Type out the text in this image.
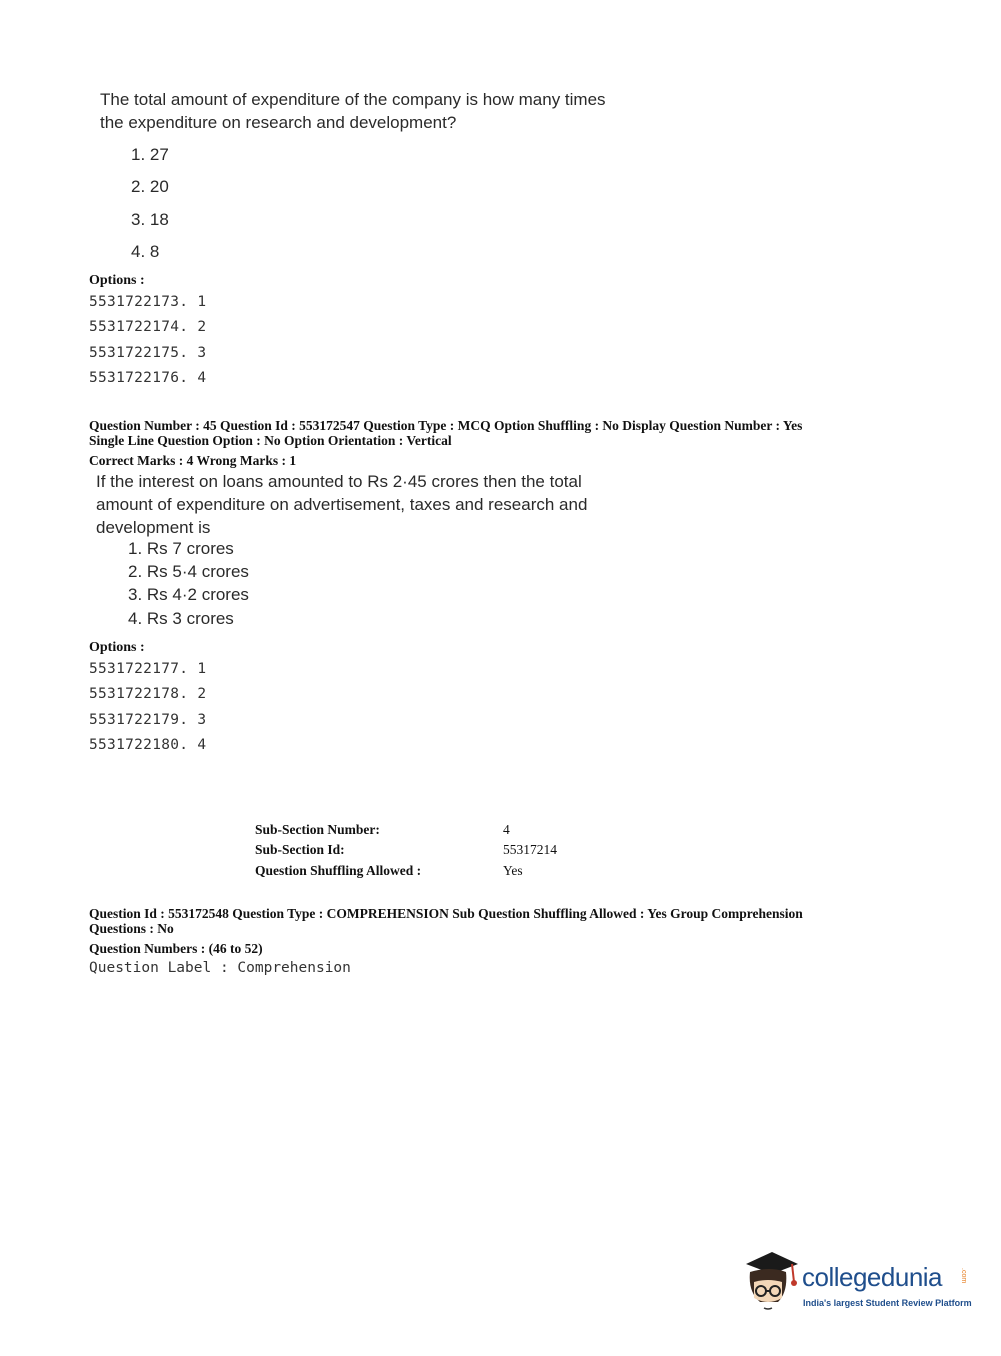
The total amount of expenditure of the company is how many times the expenditure on research and development?
1. 27
2. 20
3. 18
4. 8
Options :
5531722173. 1
5531722174. 2
5531722175. 3
5531722176. 4
Question Number : 45 Question Id : 553172547 Question Type : MCQ Option Shuffling : No Display Question Number : Yes
Single Line Question Option : No Option Orientation : Vertical
Correct Marks : 4 Wrong Marks : 1
If the interest on loans amounted to Rs 2·45 crores then the total amount of expenditure on advertisement, taxes and research and development is
1. Rs 7 crores
2. Rs 5·4 crores
3. Rs 4·2 crores
4. Rs 3 crores
Options :
5531722177. 1
5531722178. 2
5531722179. 3
5531722180. 4
Sub-Section Number:	4
Sub-Section Id:	55317214
Question Shuffling Allowed :	Yes
Question Id : 553172548 Question Type : COMPREHENSION Sub Question Shuffling Allowed : Yes Group Comprehension
Questions : No
Question Numbers : (46 to 52)
Question Label : Comprehension
collegedunia	.com
India's largest Student Review Platform
